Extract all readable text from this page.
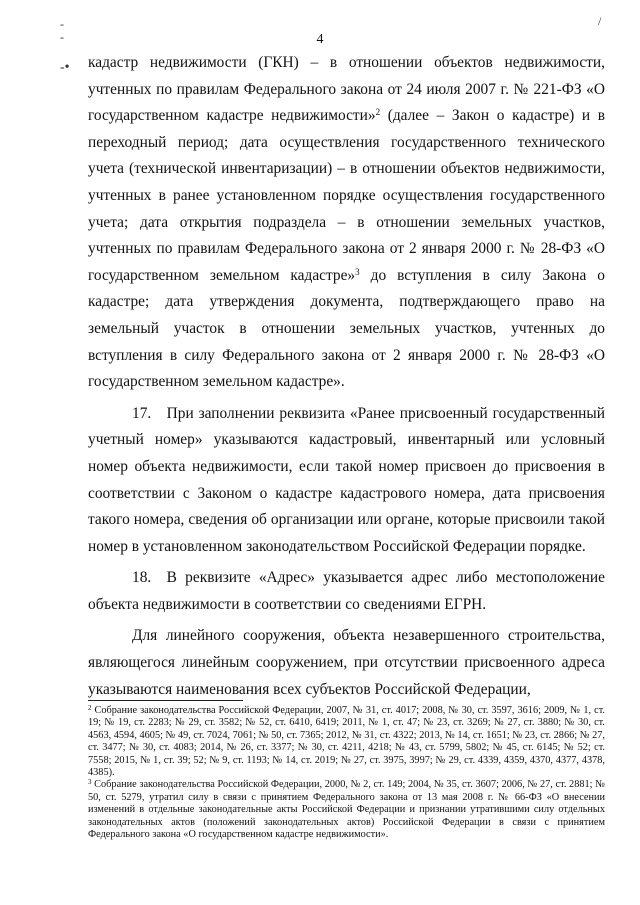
4
-
-
-•
/

кадастр недвижимости (ГКН) – в отношении объектов недвижимости, учтенных по правилам Федерального закона от 24 июля 2007 г. № 221-ФЗ «О государственном кадастре недвижимости»$^2$ (далее – Закон о кадастре) и в переходный период; дата осуществления государственного технического учета (технической инвентаризации) – в отношении объектов недвижимости, учтенных в ранее установленном порядке осуществления государственного учета; дата открытия подраздела – в отношении земельных участков, учтенных по правилам Федерального закона от 2 января 2000 г. № 28-ФЗ «О государственном земельном кадастре»$^3$ до вступления в силу Закона о кадастре; дата утверждения документа, подтверждающего право на земельный участок в отношении земельных участков, учтенных до вступления в силу Федерального закона от 2 января 2000 г. № 28-ФЗ «О государственном земельном кадастре».

17. При заполнении реквизита «Ранее присвоенный государственный учетный номер» указываются кадастровый, инвентарный или условный номер объекта недвижимости, если такой номер присвоен до присвоения в соответствии с Законом о кадастре кадастрового номера, дата присвоения такого номера, сведения об организации или органе, которые присвоили такой номер в установленном законодательством Российской Федерации порядке.

18. В реквизите «Адрес» указывается адрес либо местоположение объекта недвижимости в соответствии со сведениями ЕГРН.

Для линейного сооружения, объекта незавершенного строительства, являющегося линейным сооружением, при отсутствии присвоенного адреса указываются наименования всех субъектов Российской Федерации,

$^2$ Собрание законодательства Российской Федерации, 2007, № 31, ст. 4017; 2008, № 30, ст. 3597, 3616; 2009, № 1, ст. 19; № 19, ст. 2283; № 29, ст. 3582; № 52, ст. 6410, 6419; 2011, № 1, ст. 47; № 23, ст. 3269; № 27, ст. 3880; № 30, ст. 4563, 4594, 4605; № 49, ст. 7024, 7061; № 50, ст. 7365; 2012, № 31, ст. 4322; 2013, № 14, ст. 1651; № 23, ст. 2866; № 27, ст. 3477; № 30, ст. 4083; 2014, № 26, ст. 3377; № 30, ст. 4211, 4218; № 43, ст. 5799, 5802; № 45, ст. 6145; № 52; ст. 7558; 2015, № 1, ст. 39; 52; № 9, ст. 1193; № 14, ст. 2019; № 27, ст. 3975, 3997; № 29, ст. 4339, 4359, 4370, 4377, 4378, 4385).

$^3$ Собрание законодательства Российской Федерации, 2000, № 2, ст. 149; 2004, № 35, ст. 3607; 2006, № 27, ст. 2881; № 50, ст. 5279, утратил силу в связи с принятием Федерального закона от 13 мая 2008 г. № 66-ФЗ «О внесении изменений в отдельные законодательные акты Российской Федерации и признании утратившими силу отдельных законодательных актов (положений законодательных актов) Российской Федерации в связи с принятием Федерального закона «О государственном кадастре недвижимости».
